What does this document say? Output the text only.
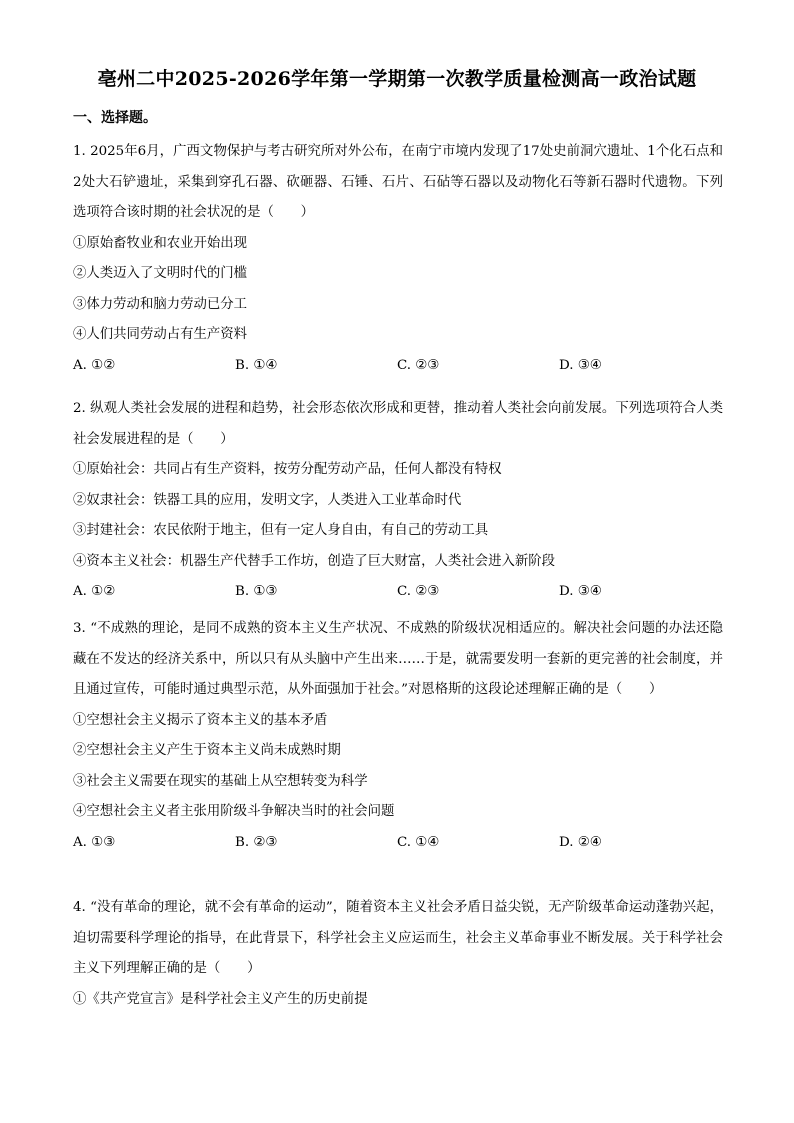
亳州二中2025-2026学年第一学期第一次教学质量检测高一政治试题
一、选择题。
1. 2025年6月，广西文物保护与考古研究所对外公布，在南宁市境内发现了17处史前洞穴遗址、1个化石点和2处大石铲遗址，采集到穿孔石器、砍砸器、石锤、石片、石砧等石器以及动物化石等新石器时代遗物。下列选项符合该时期的社会状况的是（　　）
①原始畜牧业和农业开始出现
②人类迈入了文明时代的门槛
③体力劳动和脑力劳动已分工
④人们共同劳动占有生产资料
A. ①②	B. ①④	C. ②③	D. ③④
2. 纵观人类社会发展的进程和趋势，社会形态依次形成和更替，推动着人类社会向前发展。下列选项符合人类社会发展进程的是（　　）
①原始社会：共同占有生产资料，按劳分配劳动产品，任何人都没有特权
②奴隶社会：铁器工具的应用，发明文字，人类进入工业革命时代
③封建社会：农民依附于地主，但有一定人身自由，有自己的劳动工具
④资本主义社会：机器生产代替手工作坊，创造了巨大财富，人类社会进入新阶段
A. ①②	B. ①③	C. ②③	D. ③④
3. “不成熟的理论，是同不成熟的资本主义生产状况、不成熟的阶级状况相适应的。解决社会问题的办法还隐藏在不发达的经济关系中，所以只有从头脑中产生出来……于是，就需要发明一套新的更完善的社会制度，并且通过宣传，可能时通过典型示范，从外面强加于社会。”对恩格斯的这段论述理解正确的是（　　）
①空想社会主义揭示了资本主义的基本矛盾
②空想社会主义产生于资本主义尚未成熟时期
③社会主义需要在现实的基础上从空想转变为科学
④空想社会主义者主张用阶级斗争解决当时的社会问题
A. ①③	B. ②③	C. ①④	D. ②④
4. “没有革命的理论，就不会有革命的运动”，随着资本主义社会矛盾日益尖锐，无产阶级革命运动蓬勃兴起，迫切需要科学理论的指导，在此背景下，科学社会主义应运而生，社会主义革命事业不断发展。关于科学社会主义下列理解正确的是（　　）
①《共产党宣言》是科学社会主义产生的历史前提
